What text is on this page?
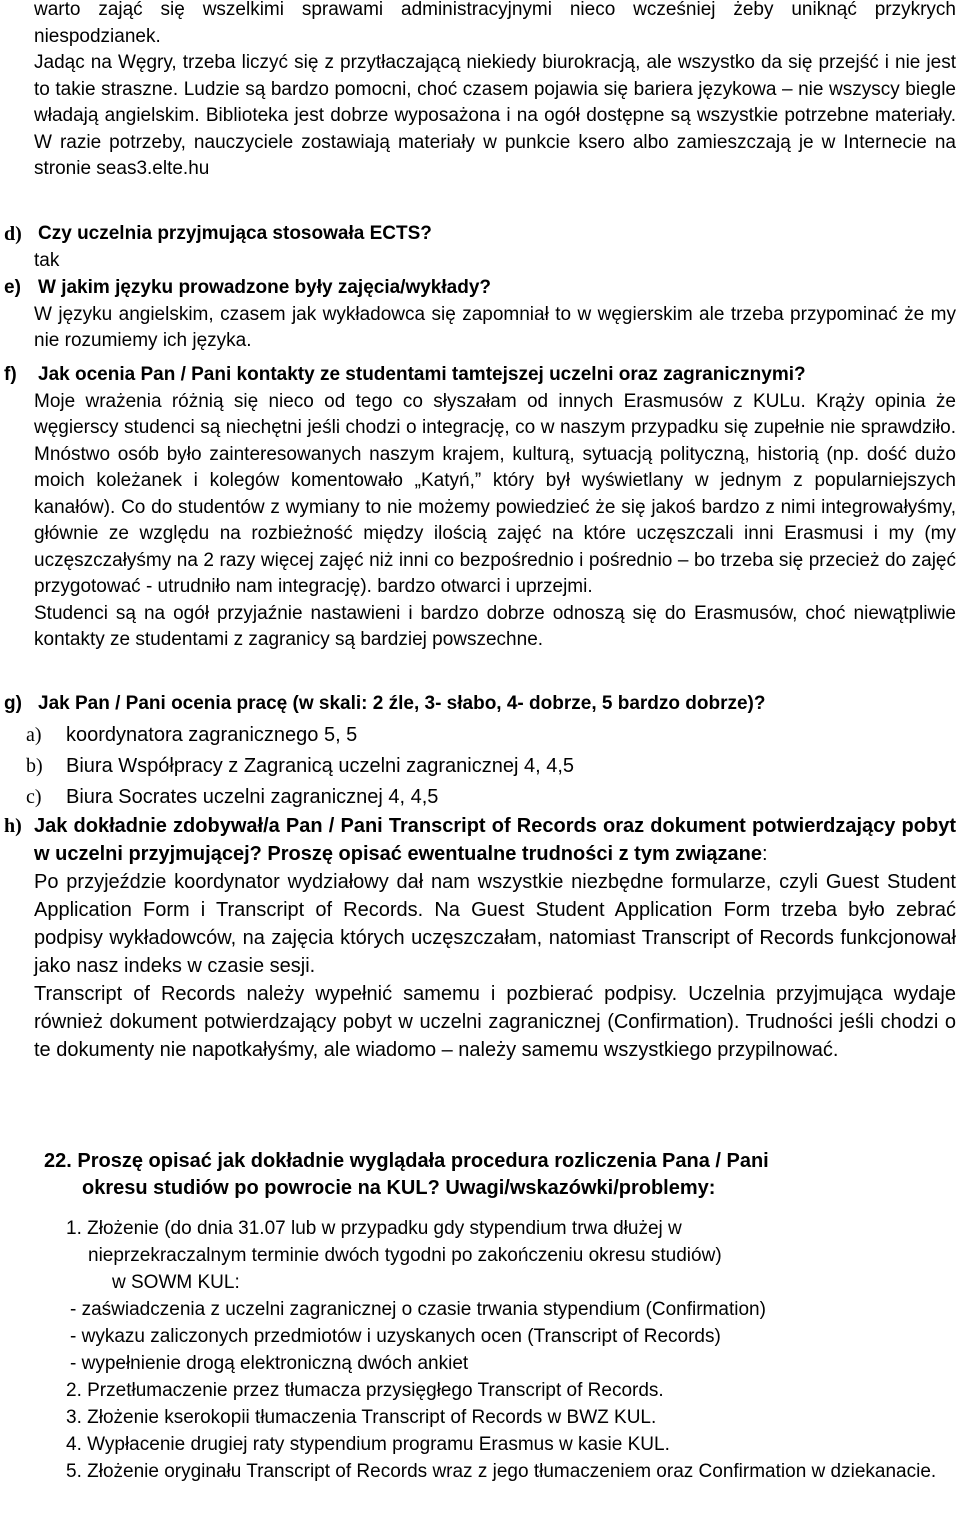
warto zająć się wszelkimi sprawami administracyjnymi nieco wcześniej żeby uniknąć przykrych niespodzianek.

Jadąc na Węgry, trzeba liczyć się z przytłaczającą niekiedy biurokracją, ale wszystko da się przejść i nie jest to takie straszne. Ludzie są bardzo pomocni, choć czasem pojawia się bariera językowa – nie wszyscy biegle władają angielskim. Biblioteka jest dobrze wyposażona i na ogół dostępne są wszystkie potrzebne materiały. W razie potrzeby, nauczyciele zostawiają materiały w punkcie ksero albo zamieszczają je w Internecie na stronie seas3.elte.hu

d) Czy uczelnia przyjmująca stosowała ECTS?

tak

e) W jakim języku prowadzone były zajęcia/wykłady?

W języku angielskim, czasem jak wykładowca się zapomniał to w węgierskim ale trzeba przypominać że my nie rozumiemy ich języka.

f) Jak ocenia Pan / Pani kontakty ze studentami tamtejszej uczelni oraz zagranicznymi?

Moje wrażenia różnią się nieco od tego co słyszałam od innych Erasmusów z KULu. Krąży opinia że węgierscy studenci są niechętni jeśli chodzi o integrację, co w naszym przypadku się zupełnie nie sprawdziło. Mnóstwo osób było zainteresowanych naszym krajem, kulturą, sytuacją polityczną, historią (np. dość dużo moich koleżanek i kolegów komentowało „Katyń,” który był wyświetlany w jednym z popularniejszych kanałów). Co do studentów z wymiany to nie możemy powiedzieć że się jakoś bardzo z nimi integrowałyśmy, głównie ze względu na rozbieżność między ilością zajęć na które uczęszczali inni Erasmusi i my (my uczęszczałyśmy na 2 razy więcej zajęć niż inni co bezpośrednio i pośrednio – bo trzeba się przecież do zajęć przygotować - utrudniło nam integrację). bardzo otwarci i uprzejmi.

Studenci są na ogół przyjaźnie nastawieni i bardzo dobrze odnoszą się do Erasmusów, choć niewątpliwie kontakty ze studentami z zagranicy są bardziej powszechne.

g) Jak Pan / Pani ocenia pracę (w skali: 2 źle, 3- słabo, 4- dobrze, 5 bardzo dobrze)?

a) koordynatora zagranicznego 5, 5

b) Biura Współpracy z Zagranicą uczelni zagranicznej 4, 4,5

c) Biura Socrates uczelni zagranicznej 4, 4,5

h) Jak dokładnie zdobywał/a Pan / Pani Transcript of Records oraz dokument potwierdzający pobyt w uczelni przyjmującej? Proszę opisać ewentualne trudności z tym związane:

Po przyjeździe koordynator wydziałowy dał nam wszystkie niezbędne formularze, czyli Guest Student Application Form i Transcript of Records. Na Guest Student Application Form trzeba było zebrać podpisy wykładowców, na zajęcia których uczęszczałam, natomiast Transcript of Records funkcjonował jako nasz indeks w czasie sesji.

Transcript of Records należy wypełnić samemu i pozbierać podpisy. Uczelnia przyjmująca wydaje również dokument potwierdzający pobyt w uczelni zagranicznej (Confirmation). Trudności jeśli chodzi o te dokumenty nie napotkałyśmy, ale wiadomo – należy samemu wszystkiego przypilnować.

22. Proszę opisać jak dokładnie wyglądała procedura rozliczenia Pana / Pani

okresu studiów po powrocie na KUL? Uwagi/wskazówki/problemy:

1. Złożenie (do dnia 31.07 lub w przypadku gdy stypendium trwa dłużej w

nieprzekraczalnym terminie dwóch tygodni po zakończeniu okresu studiów)

w SOWM KUL:

- zaświadczenia z uczelni zagranicznej o czasie trwania stypendium (Confirmation)

- wykazu zaliczonych przedmiotów i uzyskanych ocen (Transcript of Records)

- wypełnienie drogą elektroniczną dwóch ankiet

2. Przetłumaczenie przez tłumacza przysięgłego Transcript of Records.

3. Złożenie kserokopii tłumaczenia Transcript of Records w BWZ KUL.

4. Wypłacenie drugiej raty stypendium programu Erasmus w kasie KUL.

5. Złożenie oryginału Transcript of Records wraz z jego tłumaczeniem oraz Confirmation w dziekanacie.
